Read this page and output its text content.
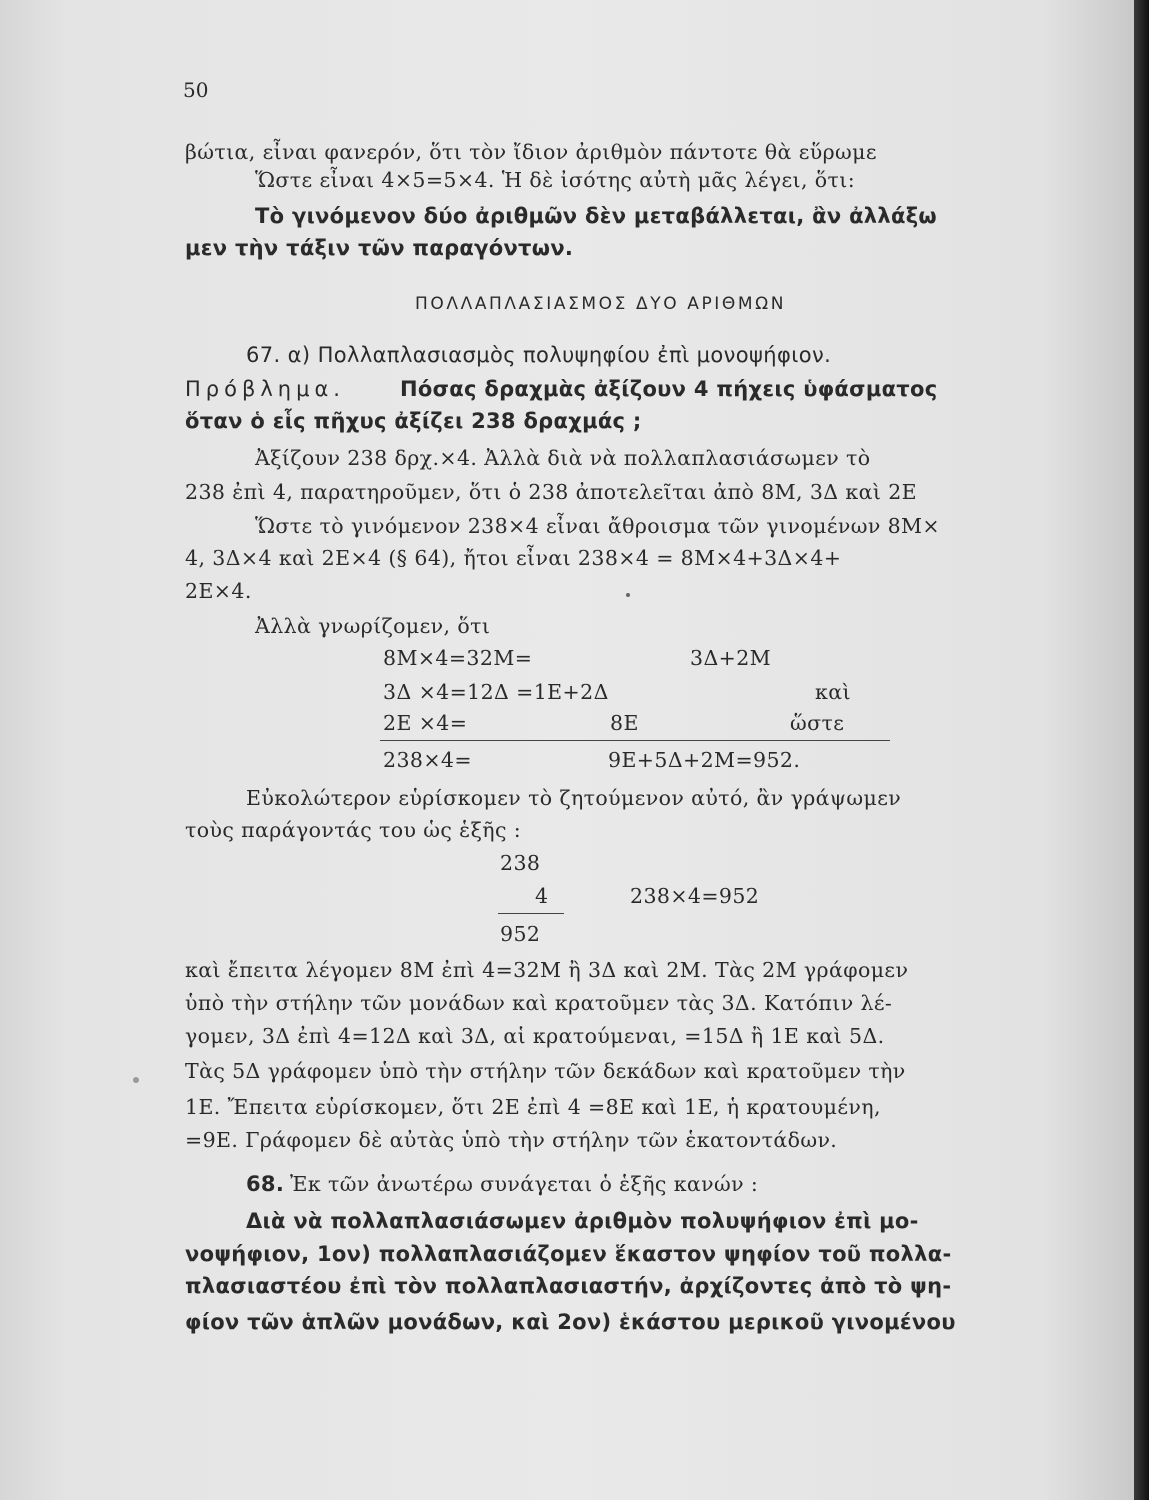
50
βώτια, εἶναι φανερόν, ὅτι τὸν ἴδιον ἀριθμὸν πάντοτε θὰ εὕρωμε
Ὥστε εἶναι 4×5=5×4. Ἡ δὲ ἰσότης αὐτὴ μᾶς λέγει, ὅτι:
Τὸ γινόμενον δύο ἀριθμῶν δὲν μεταβάλλεται, ἂν ἀλλάξω
μεν τὴν τάξιν τῶν παραγόντων.
ΠΟΛΛΑΠΛΑΣΙΑΣΜΟΣ ΔΥΟ ΑΡΙΘΜΩΝ
67. α) Πολλαπλασιασμὸς πολυψηφίου ἐπὶ μονοψήφιον.
Πρόβλημα.	Πόσας δραχμὰς ἀξίζουν 4 πήχεις ὑφάσματος
ὅταν ὁ εἷς πῆχυς ἀξίζει 238 δραχμάς ;
Ἀξίζουν 238 δρχ.×4. Ἀλλὰ διὰ νὰ πολλαπλασιάσωμεν τὸ
238 ἐπὶ 4, παρατηροῦμεν, ὅτι ὁ 238 ἀποτελεῖται ἀπὸ 8Μ, 3Δ καὶ 2Ε
Ὥστε τὸ γινόμενον 238×4 εἶναι ἄθροισμα τῶν γινομένων 8Μ×
4, 3Δ×4 καὶ 2Ε×4 (§ 64), ἤτοι εἶναι 238×4 = 8Μ×4+3Δ×4+
2Ε×4.
Ἀλλὰ γνωρίζομεν, ὅτι
8Μ×4=32Μ=	3Δ+2Μ
3Δ ×4=12Δ =1Ε+2Δ	καὶ
2Ε ×4=	8Ε	ὥστε
238×4=	9Ε+5Δ+2Μ=952.
Εὐκολώτερον εὑρίσκομεν τὸ ζητούμενον αὐτό, ἂν γράψωμεν
τοὺς παράγοντάς του ὡς ἑξῆς :
238
4	238×4=952
952
καὶ ἔπειτα λέγομεν 8Μ ἐπὶ 4=32Μ ἢ 3Δ καὶ 2Μ. Τὰς 2Μ γράφομεν
ὑπὸ τὴν στήλην τῶν μονάδων καὶ κρατοῦμεν τὰς 3Δ. Κατόπιν λέ-
γομεν, 3Δ ἐπὶ 4=12Δ καὶ 3Δ, αἱ κρατούμεναι, =15Δ ἢ 1Ε καὶ 5Δ.
Τὰς 5Δ γράφομεν ὑπὸ τὴν στήλην τῶν δεκάδων καὶ κρατοῦμεν τὴν
1Ε. Ἔπειτα εὑρίσκομεν, ὅτι 2Ε ἐπὶ 4 =8Ε καὶ 1Ε, ἡ κρατουμένη,
=9Ε. Γράφομεν δὲ αὐτὰς ὑπὸ τὴν στήλην τῶν ἑκατοντάδων.
68. Ἐκ τῶν ἀνωτέρω συνάγεται ὁ ἑξῆς κανών :
Διὰ νὰ πολλαπλασιάσωμεν ἀριθμὸν πολυψήφιον ἐπὶ μο-
νοψήφιον, 1ον) πολλαπλασιάζομεν ἕκαστον ψηφίον τοῦ πολλα-
πλασιαστέου ἐπὶ τὸν πολλαπλασιαστήν, ἀρχίζοντες ἀπὸ τὸ ψη-
φίον τῶν ἁπλῶν μονάδων, καὶ 2ον) ἑκάστου μερικοῦ γινομένου
